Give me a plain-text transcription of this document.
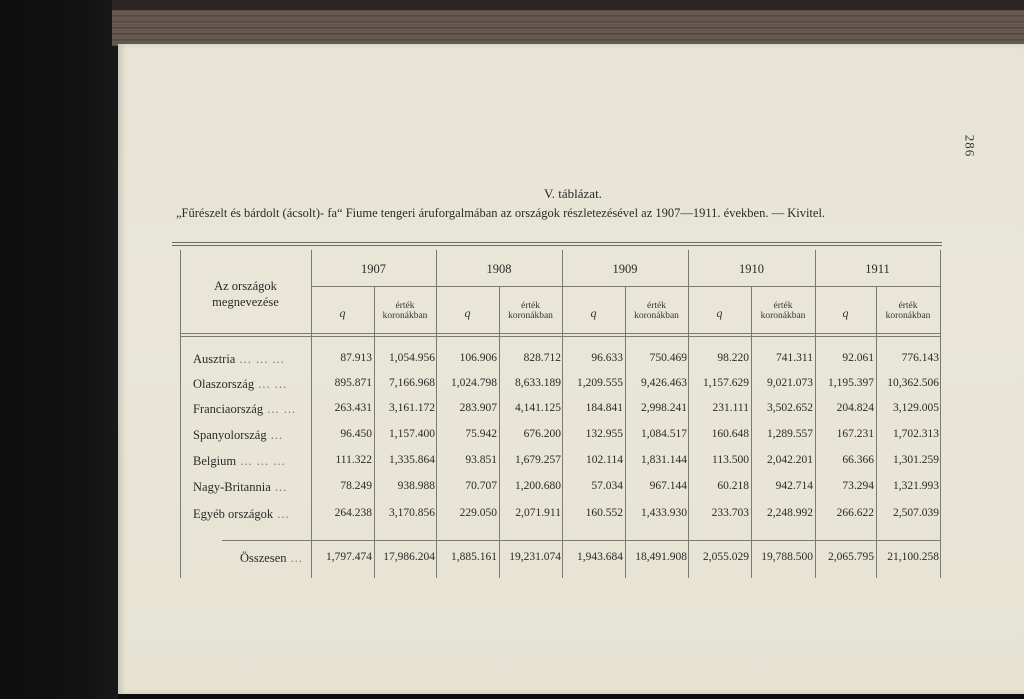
286
V. táblázat.
„Fűrészelt és bárdolt (ácsolt)- fa“ Fiume tengeri áruforgalmában az országok részletezésével az 1907—1911. években. — Kivitel.
Az országok megnevezése
1907
q	érték koronákban
1908
q	érték koronákban
1909
q	érték koronákban
1910
q	érték koronákban
1911
q	érték koronákban
Ausztria ... ... ...	87.913	1,054.956	106.906	828.712	96.633	750.469	98.220	741.311	92.061	776.143
Olaszország ... ...	895.871	7,166.968	1,024.798	8,633.189	1,209.555	9,426.463	1,157.629	9,021.073	1,195.397	10,362.506
Franciaország ... ...	263.431	3,161.172	283.907	4,141.125	184.841	2,998.241	231.111	3,502.652	204.824	3,129.005
Spanyolország ...	96.450	1,157.400	75.942	676.200	132.955	1,084.517	160.648	1,289.557	167.231	1,702.313
Belgium ... ... ...	111.322	1,335.864	93.851	1,679.257	102.114	1,831.144	113.500	2,042.201	66.366	1,301.259
Nagy-Britannia ...	78.249	938.988	70.707	1,200.680	57.034	967.144	60.218	942.714	73.294	1,321.993
Egyéb országok ...	264.238	3,170.856	229.050	2,071.911	160.552	1,433.930	233.703	2,248.992	266.622	2,507.039
Összesen ...	1,797.474 17,986.204	1,885.161	19,231.074	1,943.684	18,491.908	2,055.029	19,788.500	2,065.795	21,100.258
